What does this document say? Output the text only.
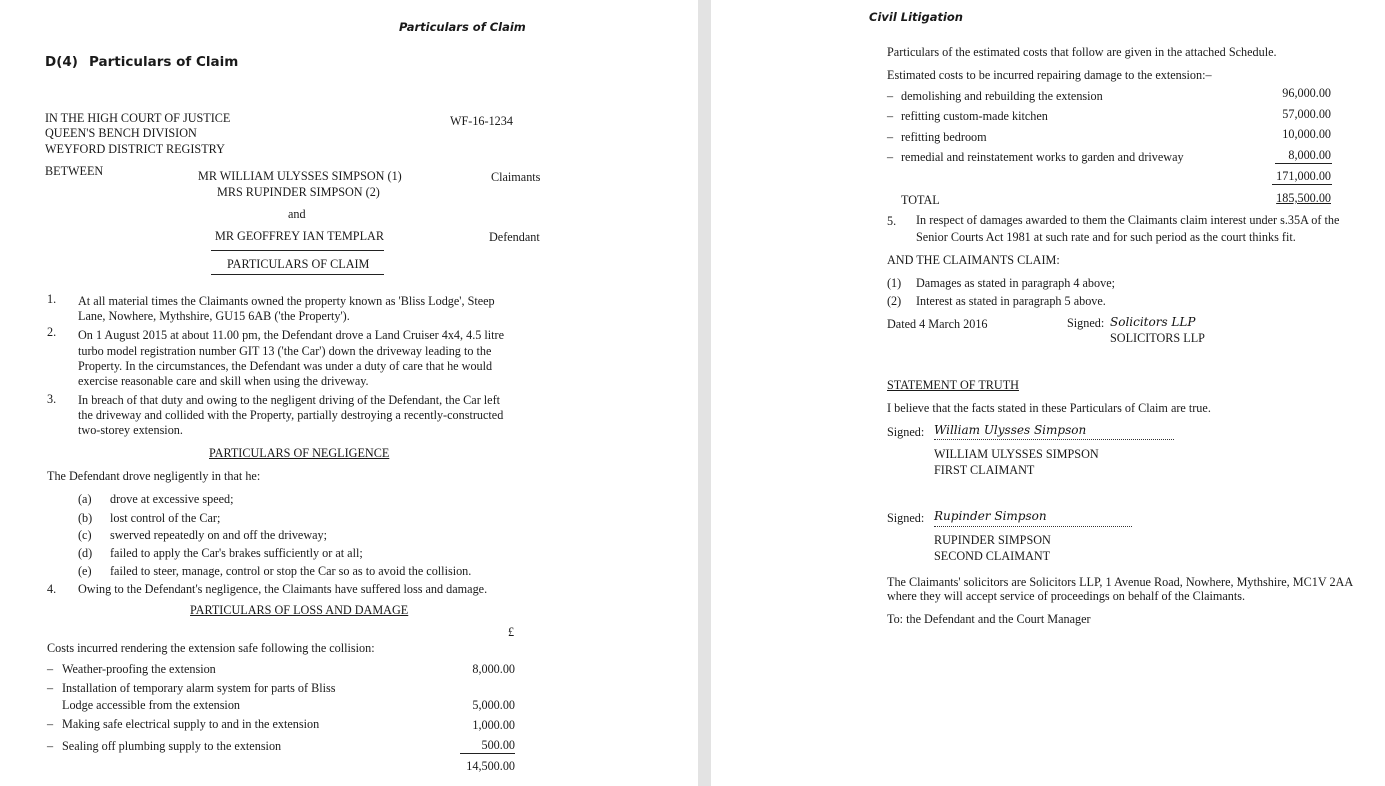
Particulars of Claim
D(4) Particulars of Claim
IN THE HIGH COURT OF JUSTICE
QUEEN'S BENCH DIVISION
WEYFORD DISTRICT REGISTRY
WF-16-1234
BETWEEN	MR WILLIAM ULYSSES SIMPSON (1)
MRS RUPINDER SIMPSON (2)
Claimants
and
MR GEOFFREY IAN TEMPLAR	Defendant
PARTICULARS OF CLAIM
1. At all material times the Claimants owned the property known as 'Bliss Lodge', Steep
Lane, Nowhere, Mythshire, GU15 6AB ('the Property').
2. On 1 August 2015 at about 11.00 pm, the Defendant drove a Land Cruiser 4x4, 4.5 litre
turbo model registration number GIT 13 ('the Car') down the driveway leading to the
Property. In the circumstances, the Defendant was under a duty of care that he would
exercise reasonable care and skill when using the driveway.
3. In breach of that duty and owing to the negligent driving of the Defendant, the Car left
the driveway and collided with the Property, partially destroying a recently-constructed
two-storey extension.
PARTICULARS OF NEGLIGENCE
The Defendant drove negligently in that he:
(a) drove at excessive speed;
(b) lost control of the Car;
(c) swerved repeatedly on and off the driveway;
(d) failed to apply the Car's brakes sufficiently or at all;
(e) failed to steer, manage, control or stop the Car so as to avoid the collision.
4. Owing to the Defendant's negligence, the Claimants have suffered loss and damage.
PARTICULARS OF LOSS AND DAMAGE
£
Costs incurred rendering the extension safe following the collision:
– Weather-proofing the extension	8,000.00
– Installation of temporary alarm system for parts of Bliss
Lodge accessible from the extension	5,000.00
– Making safe electrical supply to and in the extension	1,000.00
– Sealing off plumbing supply to the extension	500.00
14,500.00
Civil Litigation
Particulars of the estimated costs that follow are given in the attached Schedule.
Estimated costs to be incurred repairing damage to the extension:–
– demolishing and rebuilding the extension	96,000.00
– refitting custom-made kitchen	57,000.00
– refitting bedroom	10,000.00
– remedial and reinstatement works to garden and driveway	8,000.00
171,000.00
TOTAL	185,500.00
5. In respect of damages awarded to them the Claimants claim interest under s.35A of the
Senior Courts Act 1981 at such rate and for such period as the court thinks fit.
AND THE CLAIMANTS CLAIM:
(1) Damages as stated in paragraph 4 above;
(2) Interest as stated in paragraph 5 above.
Dated 4 March 2016	Signed: Solicitors LLP
SOLICITORS LLP
STATEMENT OF TRUTH
I believe that the facts stated in these Particulars of Claim are true.
Signed: William Ulysses Simpson
WILLIAM ULYSSES SIMPSON
FIRST CLAIMANT
Signed: Rupinder Simpson
RUPINDER SIMPSON
SECOND CLAIMANT
The Claimants' solicitors are Solicitors LLP, 1 Avenue Road, Nowhere, Mythshire, MC1V 2AA
where they will accept service of proceedings on behalf of the Claimants.
To: the Defendant and the Court Manager
